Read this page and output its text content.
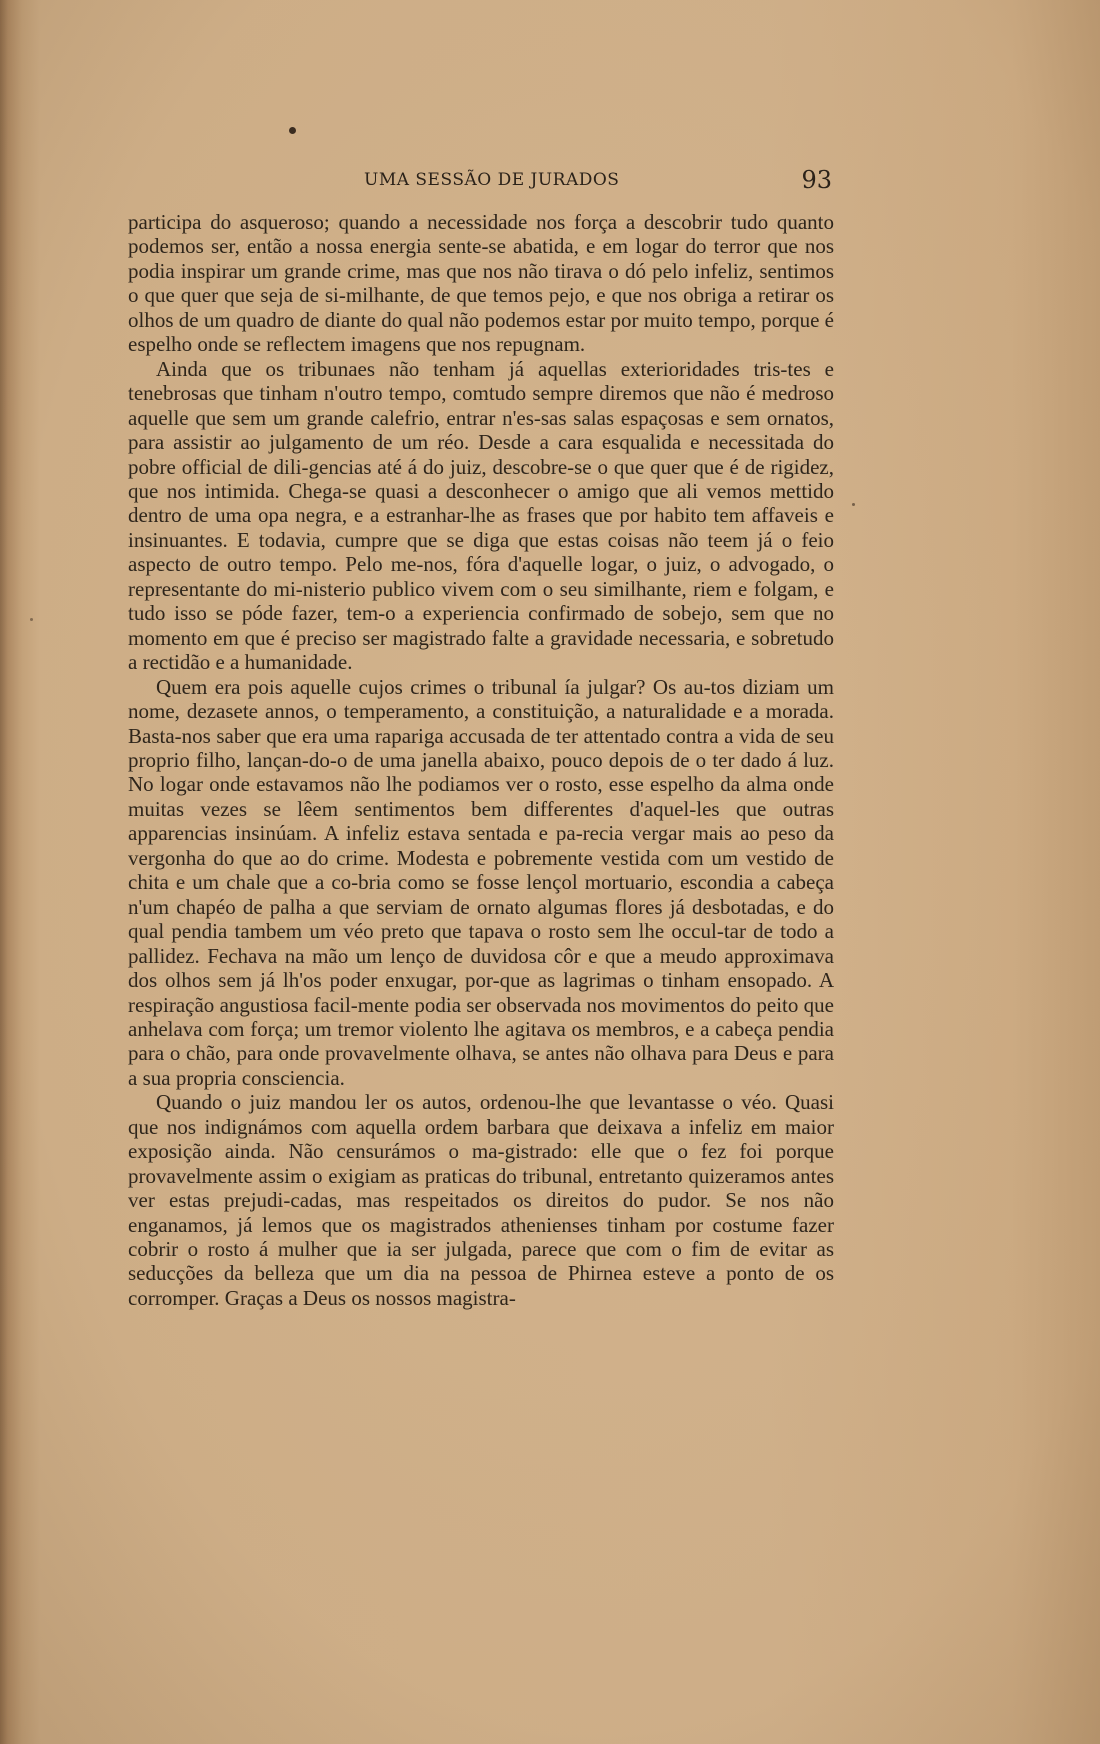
UMA SESSÃO DE JURADOS	93

participa do asqueroso; quando a necessidade nos força a descobrir tudo quanto podemos ser, então a nossa energia sente-se abatida, e em logar do terror que nos podia inspirar um grande crime, mas que nos não tirava o dó pelo infeliz, sentimos o que quer que seja de si-milhante, de que temos pejo, e que nos obriga a retirar os olhos de um quadro de diante do qual não podemos estar por muito tempo, porque é espelho onde se reflectem imagens que nos repugnam.

Ainda que os tribunaes não tenham já aquellas exterioridades tris-tes e tenebrosas que tinham n'outro tempo, comtudo sempre diremos que não é medroso aquelle que sem um grande calefrio, entrar n'es-sas salas espaçosas e sem ornatos, para assistir ao julgamento de um réo. Desde a cara esqualida e necessitada do pobre official de dili-gencias até á do juiz, descobre-se o que quer que é de rigidez, que nos intimida. Chega-se quasi a desconhecer o amigo que ali vemos mettido dentro de uma opa negra, e a estranhar-lhe as frases que por habito tem affaveis e insinuantes. E todavia, cumpre que se diga que estas coisas não teem já o feio aspecto de outro tempo. Pelo me-nos, fóra d'aquelle logar, o juiz, o advogado, o representante do mi-nisterio publico vivem com o seu similhante, riem e folgam, e tudo isso se póde fazer, tem-o a experiencia confirmado de sobejo, sem que no momento em que é preciso ser magistrado falte a gravidade necessaria, e sobretudo a rectidão e a humanidade.

Quem era pois aquelle cujos crimes o tribunal ía julgar? Os au-tos diziam um nome, dezasete annos, o temperamento, a constituição, a naturalidade e a morada. Basta-nos saber que era uma rapariga accusada de ter attentado contra a vida de seu proprio filho, lançan-do-o de uma janella abaixo, pouco depois de o ter dado á luz. No logar onde estavamos não lhe podiamos ver o rosto, esse espelho da alma onde muitas vezes se lêem sentimentos bem differentes d'aquel-les que outras apparencias insinúam. A infeliz estava sentada e pa-recia vergar mais ao peso da vergonha do que ao do crime. Modesta e pobremente vestida com um vestido de chita e um chale que a co-bria como se fosse lençol mortuario, escondia a cabeça n'um chapéo de palha a que serviam de ornato algumas flores já desbotadas, e do qual pendia tambem um véo preto que tapava o rosto sem lhe occul-tar de todo a pallidez. Fechava na mão um lenço de duvidosa côr e que a meudo approximava dos olhos sem já lh'os poder enxugar, por-que as lagrimas o tinham ensopado. A respiração angustiosa facil-mente podia ser observada nos movimentos do peito que anhelava com força; um tremor violento lhe agitava os membros, e a cabeça pendia para o chão, para onde provavelmente olhava, se antes não olhava para Deus e para a sua propria consciencia.

Quando o juiz mandou ler os autos, ordenou-lhe que levantasse o véo. Quasi que nos indignámos com aquella ordem barbara que deixava a infeliz em maior exposição ainda. Não censurámos o ma-gistrado: elle que o fez foi porque provavelmente assim o exigiam as praticas do tribunal, entretanto quizeramos antes ver estas prejudi-cadas, mas respeitados os direitos do pudor. Se nos não enganamos, já lemos que os magistrados athenienses tinham por costume fazer cobrir o rosto á mulher que ia ser julgada, parece que com o fim de evitar as seducções da belleza que um dia na pessoa de Phirnea esteve a ponto de os corromper. Graças a Deus os nossos magistra-
